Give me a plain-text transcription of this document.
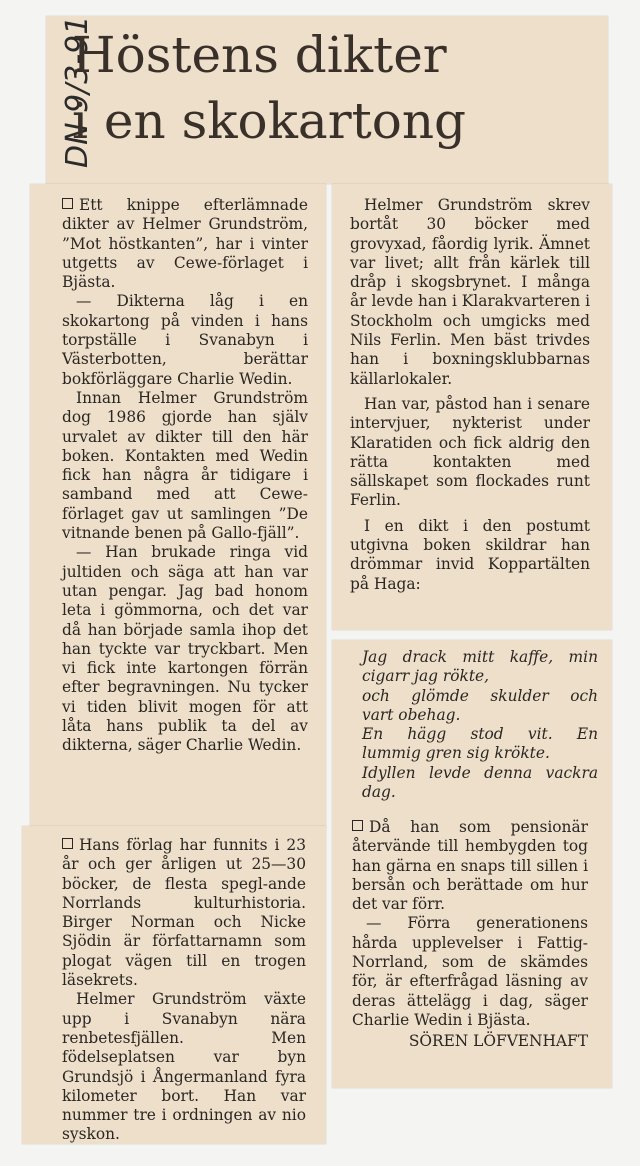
DN 9/3-91
Höstens dikter
i en skokartong

Ett knippe efterlämnade dikter av Helmer Grundström, ”Mot höstkanten”, har i vinter utgetts av Cewe-förlaget i Bjästa.

— Dikterna låg i en skokartong på vinden i hans torpställe i Svanabyn i Västerbotten, berättar bokförläggare Charlie Wedin.

Innan Helmer Grundström dog 1986 gjorde han själv urvalet av dikter till den här boken. Kontakten med Wedin fick han några år tidigare i samband med att Cewe-förlaget gav ut samlingen ”De vitnande benen på Gallo-fjäll”.

— Han brukade ringa vid jultiden och säga att han var utan pengar. Jag bad honom leta i gömmorna, och det var då han började samla ihop det han tyckte var tryckbart. Men vi fick inte kartongen förrän efter begravningen. Nu tycker vi tiden blivit mogen för att låta hans publik ta del av dikterna, säger Charlie Wedin.

Helmer Grundström skrev bortåt 30 böcker med grovyxad, fåordig lyrik. Ämnet var livet; allt från kärlek till dråp i skogsbrynet. I många år levde han i Klarakvarteren i Stockholm och umgicks med Nils Ferlin. Men bäst trivdes han i boxningsklubbarnas källarlokaler.

Han var, påstod han i senare intervjuer, nykterist under Klaratiden och fick aldrig den rätta kontakten med sällskapet som flockades runt Ferlin.

I en dikt i den postumt utgivna boken skildrar han drömmar invid Koppartälten på Haga:

Jag drack mitt kaffe, min
cigarr jag rökte,
och glömde skulder och
vart obehag.
En hägg stod vit. En
lummig gren sig krökte.
Idyllen levde denna vackra
dag.

Då han som pensionär återvände till hembygden tog han gärna en snaps till sillen i bersån och berättade om hur det var förr.

— Förra generationens hårda upplevelser i Fattig-Norrland, som de skämdes för, är efterfrågad läsning av deras ättelägg i dag, säger Charlie Wedin i Bjästa.

SÖREN LÖFVENHAFT

Hans förlag har funnits i 23 år och ger årligen ut 25—30 böcker, de flesta spegl-ande Norrlands kulturhistoria. Birger Norman och Nicke Sjödin är författarnamn som plogat vägen till en trogen läsekrets.

Helmer Grundström växte upp i Svanabyn nära renbetesfjällen. Men födelseplatsen var byn Grundsjö i Ångermanland fyra kilometer bort. Han var nummer tre i ordningen av nio syskon.
